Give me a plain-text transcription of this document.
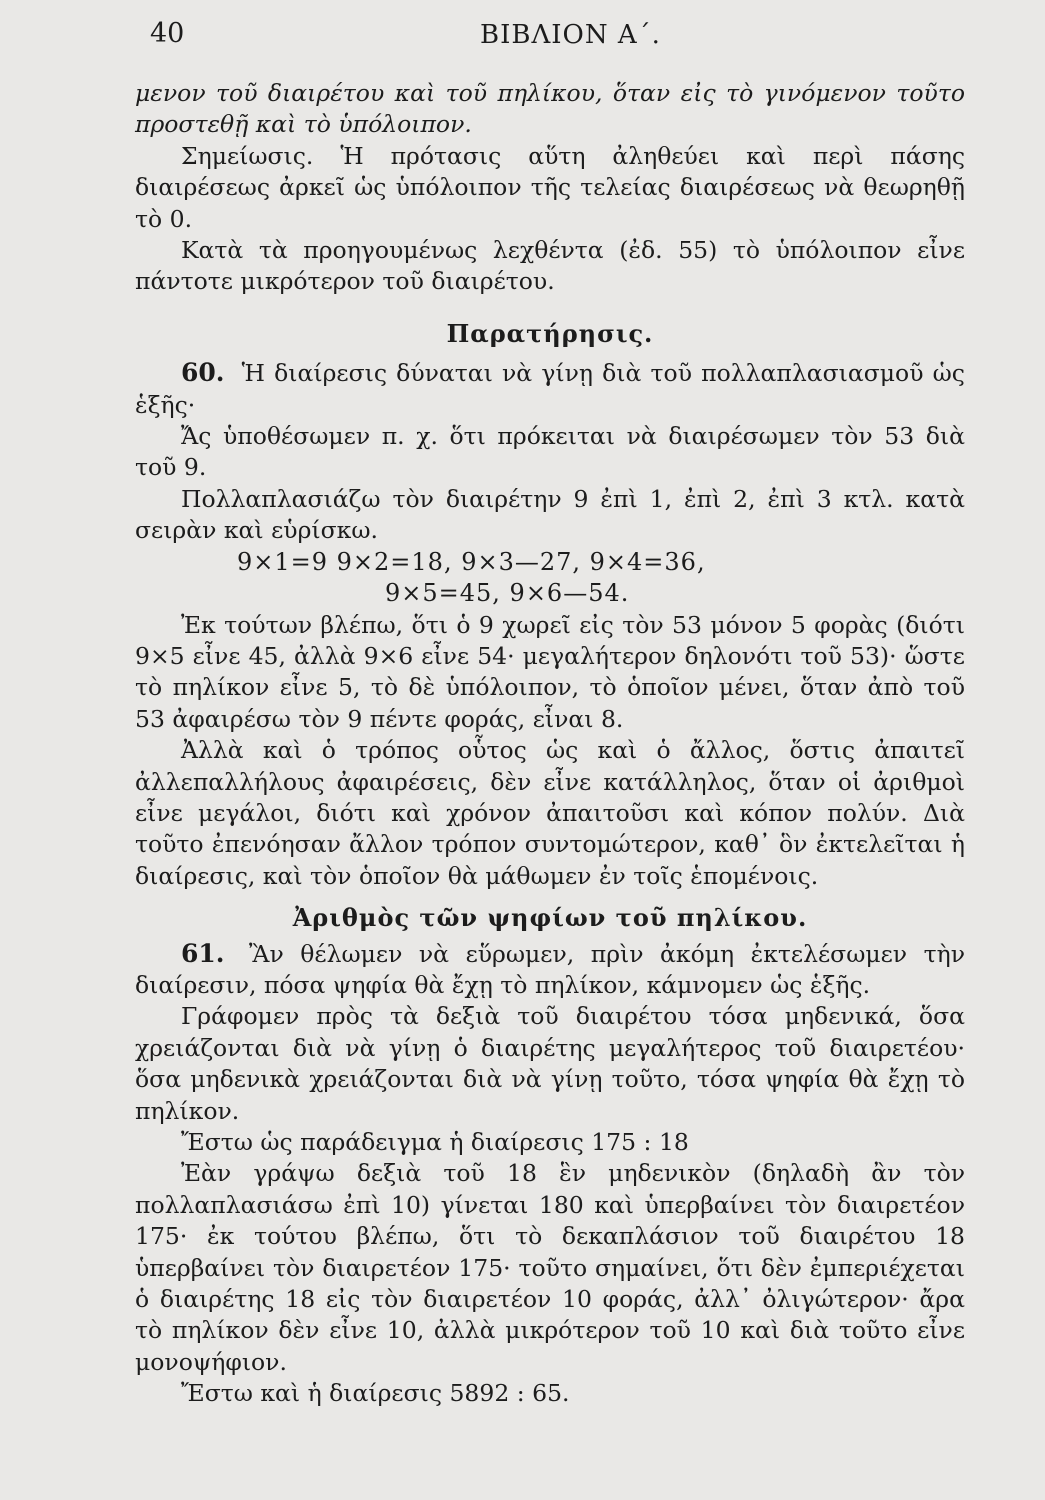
40	ΒΙΒΛΙΟΝ Α΄.

μενον τοῦ διαιρέτου καὶ τοῦ πηλίκου, ὅταν εἰς τὸ γινόμενον τοῦτο προστεθῇ καὶ τὸ ὑπόλοιπον.

Σημείωσις. Ἡ πρότασις αὕτη ἀληθεύει καὶ περὶ πάσης διαιρέσεως ἀρκεῖ ὡς ὑπόλοιπον τῆς τελείας διαιρέσεως νὰ θεωρηθῇ τὸ 0.

Κατὰ τὰ προηγουμένως λεχθέντα (ἐδ. 55) τὸ ὑπόλοιπον εἶνε πάντοτε μικρότερον τοῦ διαιρέτου.

Παρατήρησις.

60. Ἡ διαίρεσις δύναται νὰ γίνῃ διὰ τοῦ πολλαπλασιασμοῦ ὡς ἑξῆς·

Ἄς ὑποθέσωμεν π. χ. ὅτι πρόκειται νὰ διαιρέσωμεν τὸν 53 διὰ τοῦ 9.

Πολλαπλασιάζω τὸν διαιρέτην 9 ἐπὶ 1, ἐπὶ 2, ἐπὶ 3 κτλ. κατὰ σειρὰν καὶ εὑρίσκω.

9×1=9 9×2=18, 9×3—27, 9×4=36,
9×5=45, 9×6—54.

Ἐκ τούτων βλέπω, ὅτι ὁ 9 χωρεῖ εἰς τὸν 53 μόνον 5 φορὰς (διότι 9×5 εἶνε 45, ἀλλὰ 9×6 εἶνε 54· μεγαλήτερον δηλονότι τοῦ 53)· ὥστε τὸ πηλίκον εἶνε 5, τὸ δὲ ὑπόλοιπον, τὸ ὁποῖον μένει, ὅταν ἀπὸ τοῦ 53 ἀφαιρέσω τὸν 9 πέντε φοράς, εἶναι 8.

Ἀλλὰ καὶ ὁ τρόπος οὗτος ὡς καὶ ὁ ἄλλος, ὅστις ἀπαιτεῖ ἀλλεπαλλήλους ἀφαιρέσεις, δὲν εἶνε κατάλληλος, ὅταν οἱ ἀριθμοὶ εἶνε μεγάλοι, διότι καὶ χρόνον ἀπαιτοῦσι καὶ κόπον πολύν. Διὰ τοῦτο ἐπενόησαν ἄλλον τρόπον συντομώτερον, καθ᾽ ὃν ἐκτελεῖται ἡ διαίρεσις, καὶ τὸν ὁποῖον θὰ μάθωμεν ἐν τοῖς ἑπομένοις.

Ἀριθμὸς τῶν ψηφίων τοῦ πηλίκου.

61. Ἂν θέλωμεν νὰ εὕρωμεν, πρὶν ἀκόμη ἐκτελέσωμεν τὴν διαίρεσιν, πόσα ψηφία θὰ ἔχῃ τὸ πηλίκον, κάμνομεν ὡς ἑξῆς.

Γράφομεν πρὸς τὰ δεξιὰ τοῦ διαιρέτου τόσα μηδενικά, ὅσα χρειάζονται διὰ νὰ γίνῃ ὁ διαιρέτης μεγαλήτερος τοῦ διαιρετέου· ὅσα μηδενικὰ χρειάζονται διὰ νὰ γίνῃ τοῦτο, τόσα ψηφία θὰ ἔχῃ τὸ πηλίκον.

Ἔστω ὡς παράδειγμα ἡ διαίρεσις 175 : 18

Ἐὰν γράψω δεξιὰ τοῦ 18 ἓν μηδενικὸν (δηλαδὴ ἂν τὸν πολλαπλασιάσω ἐπὶ 10) γίνεται 180 καὶ ὑπερβαίνει τὸν διαιρετέον 175· ἐκ τούτου βλέπω, ὅτι τὸ δεκαπλάσιον τοῦ διαιρέτου 18 ὑπερβαίνει τὸν διαιρετέον 175· τοῦτο σημαίνει, ὅτι δὲν ἐμπεριέχεται ὁ διαιρέτης 18 εἰς τὸν διαιρετέον 10 φοράς, ἀλλ᾽ ὀλιγώτερον· ἄρα τὸ πηλίκον δὲν εἶνε 10, ἀλλὰ μικρότερον τοῦ 10 καὶ διὰ τοῦτο εἶνε μονοψήφιον.

Ἔστω καὶ ἡ διαίρεσις 5892 : 65.
